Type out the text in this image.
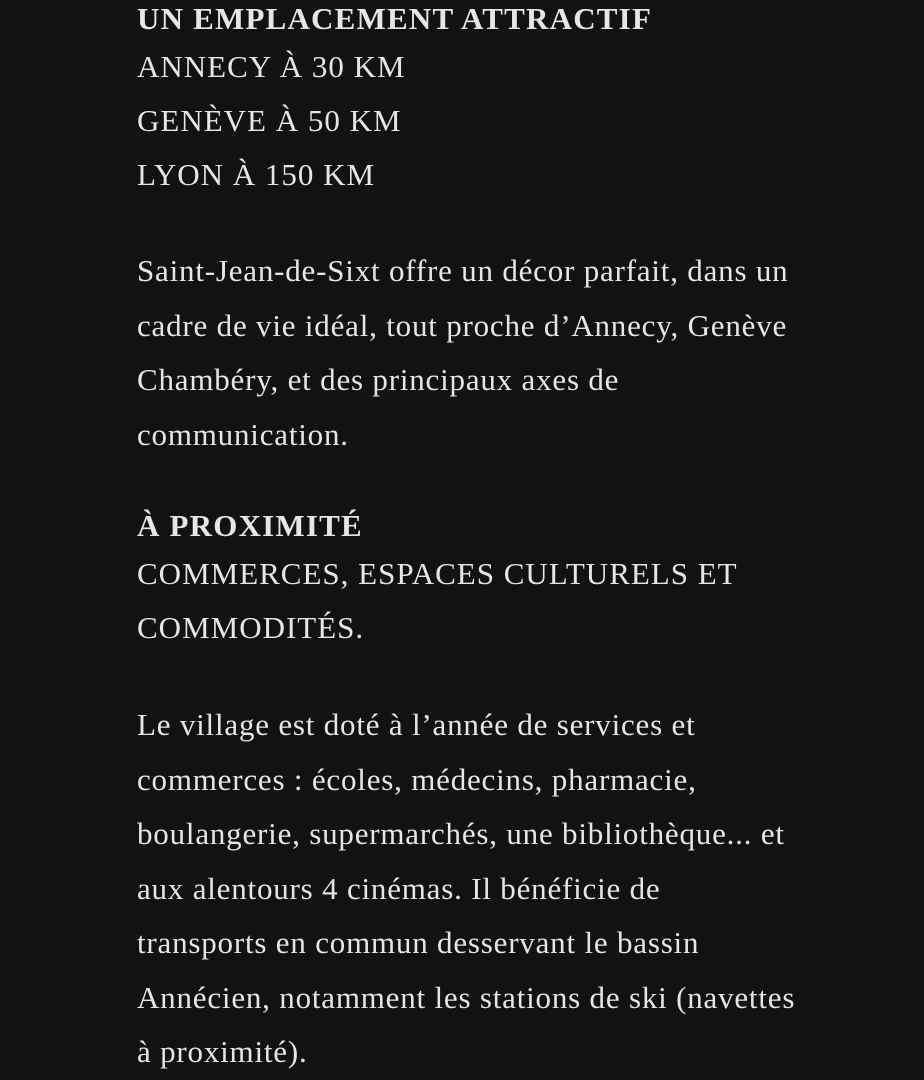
UN EMPLACEMENT ATTRACTIF

ANNECY À 30 KM

GENÈVE À 50 KM

LYON À 150 KM

Saint-Jean-de-Sixt offre un décor parfait, dans un

cadre de vie idéal, tout proche d’Annecy, Genève

Chambéry, et des principaux axes de

communication.

À PROXIMITÉ

COMMERCES, ESPACES CULTURELS ET

COMMODITÉS.

Le village est doté à l’année de services et

commerces : écoles, médecins, pharmacie,

boulangerie, supermarchés, une bibliothèque... et

aux alentours 4 cinémas. Il bénéficie de

transports en commun desservant le bassin

Annécien, notamment les stations de ski (navettes

à proximité).
